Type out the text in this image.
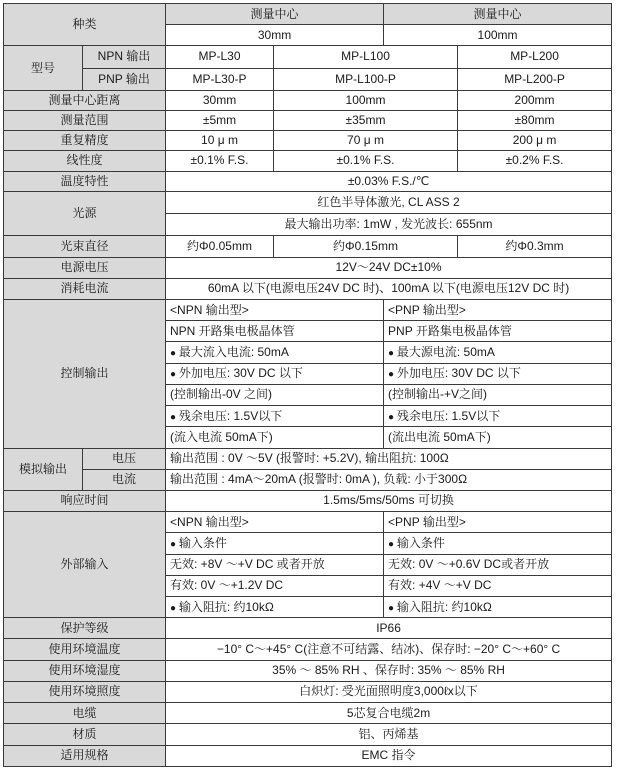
种类		测量中心		测量中心	
		30mm		100mm	
型号	NPN 输出	MP-L30	MP-L100		MP-L200	
	PNP 输出	MP-L30-P	MP-L100-P		MP-L200-P	
测量中心距离		30mm	100mm		200mm	
测量范围		±5mm	±35mm		±80mm	
重复精度		10 μ m	70 μ m		200 μ m	
线性度		±0.1% F.S.	±0.1% F.S.		±0.2% F.S.	
温度特性		±0.03% F.S./℃				
光源		红色半导体激光, CL ASS 2				
		最大输出功率: 1mW , 发光波长: 655nm				
光束直径		约Φ0.05mm	约Φ0.15mm		约Φ0.3mm	
电源电压		12V～24V DC±10%				
消耗电流		60mA 以下(电源电压24V DC 时)、100mA 以下(电源电压12V DC 时)				
控制输出		<NPN 输出型>		<PNP 输出型>		
		NPN 开路集电极晶体管		PNP 开路集电极晶体管		
		● 最大流入电流: 50mA		● 最大源电流: 50mA		
		● 外加电压: 30V DC 以下		● 外加电压: 30V DC 以下		
		(控制输出-0V 之间)		(控制输出-+V之间)		
		● 残余电压: 1.5V以下		● 残余电压: 1.5V以下		
		(流入电流 50mA下)		(流出电流 50mA下)		
模拟输出	电压	输出范围 : 0V ～5V (报警时: +5.2V), 输出阻抗: 100Ω				
	电流	输出范围 : 4mA～20mA (报警时: 0mA ), 负载: 小于300Ω				
响应时间		1.5ms/5ms/50ms 可切换				
外部输入		<NPN 输出型>		<PNP 输出型>		
		● 输入条件		● 输入条件		
		无效: +8V ～+V DC 或者开放		无效: 0V ～+0.6V DC或者开放		
		有效: 0V ～+1.2V DC		有效: +4V ～+V DC		
		● 输入阻抗: 约10kΩ		● 输入阻抗: 约10kΩ		
保护等级		IP66				
使用环境温度		−10° C～+45° C(注意不可结露、结冰)、保存时: −20° C～+60° C				
使用环境湿度		35% ～ 85% RH 、保存时: 35% ～ 85% RH				
使用环境照度		白炽灯: 受光面照明度3,000ℓx以下				
电缆		5芯复合电缆2m				
材质		铝、丙烯基				
适用规格		EMC 指令				
